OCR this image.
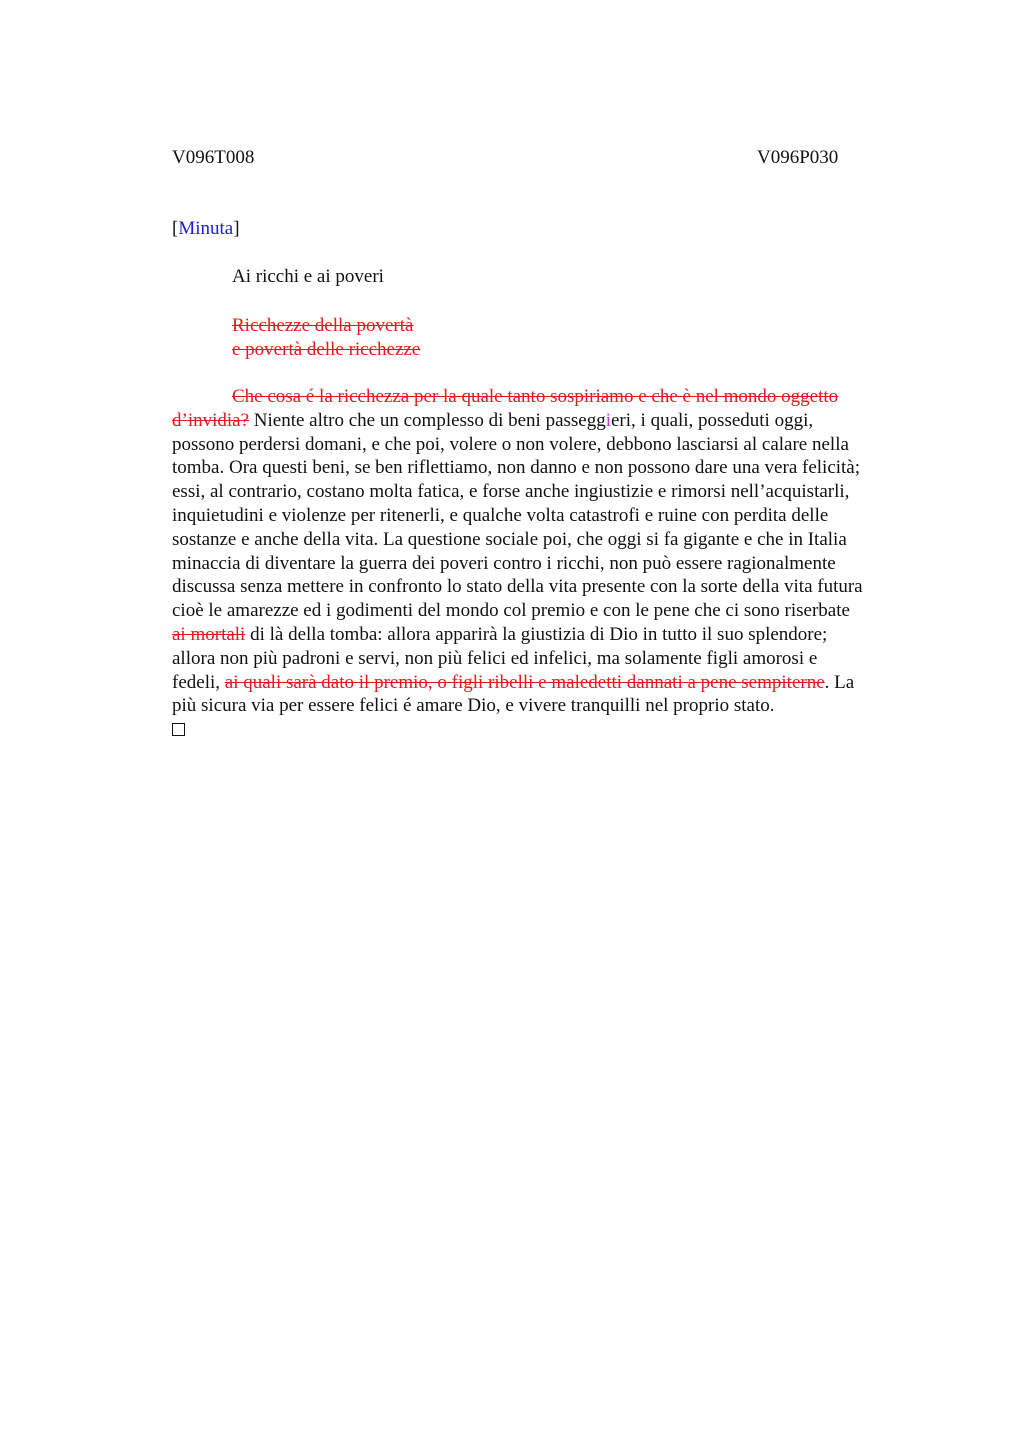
V096T008	V096P030
[Minuta]
Ai ricchi e ai poveri
Ricchezze della povertà
e povertà delle ricchezze
Che cosa é la ricchezza per la quale tanto sospiriamo e che è nel mondo oggetto
d’invidia? Niente altro che un complesso di beni passeggieri, i quali, posseduti oggi,
possono perdersi domani, e che poi, volere o non volere, debbono lasciarsi al calare nella
tomba. Ora questi beni, se ben riflettiamo, non danno e non possono dare una vera felicità;
essi, al contrario, costano molta fatica, e forse anche ingiustizie e rimorsi nell’acquistarli,
inquietudini e violenze per ritenerli, e qualche volta catastrofi e ruine con perdita delle
sostanze e anche della vita. La questione sociale poi, che oggi si fa gigante e che in Italia
minaccia di diventare la guerra dei poveri contro i ricchi, non può essere ragionalmente
discussa senza mettere in confronto lo stato della vita presente con la sorte della vita futura
cioè le amarezze ed i godimenti del mondo col premio e con le pene che ci sono riserbate
ai mortali di là della tomba: allora apparirà la giustizia di Dio in tutto il suo splendore;
allora non più padroni e servi, non più felici ed infelici, ma solamente figli amorosi e
fedeli, ai quali sarà dato il premio, o figli ribelli e maledetti dannati a pene sempiterne. La
più sicura via per essere felici é amare Dio, e vivere tranquilli nel proprio stato.
